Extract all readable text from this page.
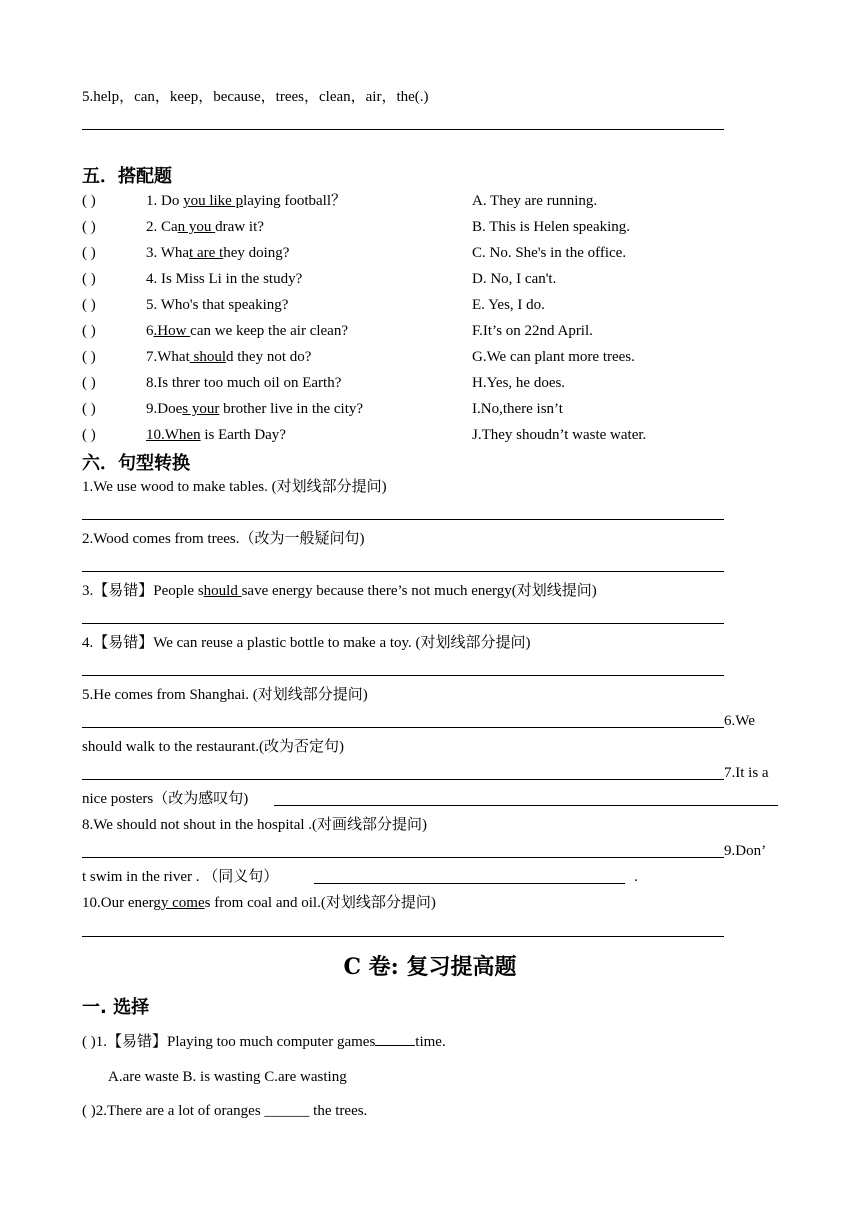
5.help，can，keep，because，trees，clean，air，the(.)
五．搭配题
( )	1. Do you like playing football？	A. They are running.
( )	2. Can you draw it?	B. This is Helen speaking.
( )	3. What are they doing?	C. No. She's in the office.
( )	4. Is Miss Li in the study?	D. No, I can't.
( )	5. Who's that speaking?	E. Yes, I do.
( )	6.How can we keep the air clean?	F.It’s on 22nd April.
( )	7.What should they not do?	G.We can plant more trees.
( )	8.Is threr too much oil on Earth?	H.Yes, he does.
( )	9.Does your brother live in the city?	I.No,there isn’t
( )	10.When is Earth Day?	J.They shoudn’t waste water.
六．句型转换
1.We use wood to make tables. (对划线部分提问)
2.Wood comes from trees.（改为一般疑问句)
3.【易错】People should save energy because there’s not much energy(对划线提问)
4.【易错】We can reuse a plastic bottle to make a toy. (对划线部分提问)
5.He comes from Shanghai. (对划线部分提问)
6.We
should walk to the restaurant.(改为否定句)
7.It is a
nice posters（改为感叹句)
8.We should not shout in the hospital .(对画线部分提问)
9.Don’
t swim in the river . （同义句）	.
10.Our energy comes from coal and oil.(对划线部分提问)
C 卷: 复习提高题
一. 选择
( )1.【易错】Playing too much computer games	time.
A.are waste B. is wasting C.are wasting
( )2.There are a lot of oranges ______ the trees.
